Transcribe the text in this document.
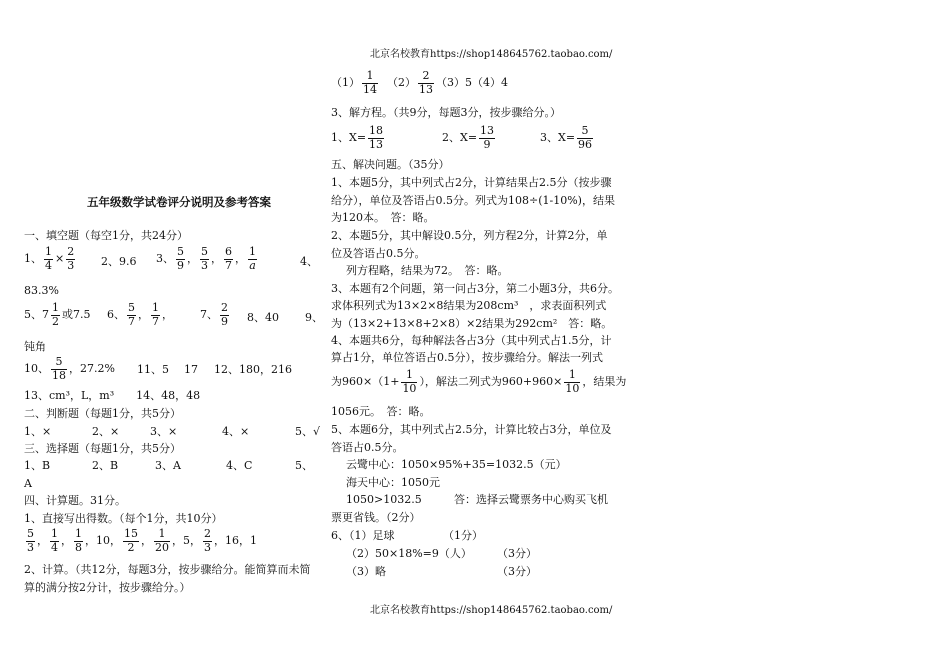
北京名校教育https://shop148645762.taobao.com/
北京名校教育https://shop148645762.taobao.com/
五年级数学试卷评分说明及参考答案
一、填空题（每空1分，共24分）
1、 $\frac{1}{4} \times \frac{2}{3} 2$、9.6 3、 $\frac{5}{9}$ ， $\frac{5}{3}$ ， $\frac{6}{7}$ ， $\frac{1}{a}$	4、
83.3%
5、$7 \frac{1}{2}$ 或7.5 6、 $\frac{5}{7}$ ， $\frac{1}{7}$ ， 7、 $\frac{2}{9} 8$、40 9、
钝角
10、 $\frac{5}{18}$ ，27.2% 11、5 17 12、180，216
13、cm³，L，m³　　14、48，48
二、判断题（每题1分，共5分）
1、×	2、×	3、×	4、×	5、√
三、选择题（每题1分，共5分）
1、B	2、B	3、A	4、C	5、
A
四、计算题。31分。
1、直接写出得数。（每个1分，共10分）
$\frac{5}{3}$ ， $\frac{1}{4}$ ， $\frac{1}{8}$ ，10， $\frac{15}{2}$ ， $\frac{1}{20}$ ，5， $\frac{2}{3}$ ，16，1
2、计算。（共12分，每题3分，按步骤给分。能简算而未简
算的满分按2分计，按步骤给分。）
$(1) \frac{1}{14} (2) \frac{2}{13} (3)5(4)4$
3、解方程。（共9分，每题3分，按步骤给分。）
1、$X= \frac{18}{13}$	2、$X= \frac{13}{9}$	3、$X= \frac{5}{96}$
五、解决问题。（35分）
1、本题5分，其中列式占2分，计算结果占2.5分（按步骤
给分），单位及答语占0.5分。列式为108÷(1-10%)，结果
为120本。　答：略。
2、本题5分，其中解设0.5分，列方程2分，计算2分，单
位及答语占0.5分。
列方程略，结果为72。　答：略。
3、本题有2个问题，第一问占3分，第二小题3分，共6分。
求体积列式为13×2×8结果为208cm³　，求表面积列式
为（13×2+13×8+2×8）×2结果为292cm²　答：略。
4、本题共6分，每种解法各占3分（其中列式占1.5分，计
算占1分，单位答语占0.5分），按步骤给分。解法一列式
为$960\times(1+ \frac{1}{10}$ ），解法二列式为$960+960\times \frac{1}{10}$ ，结果为
1056元。　答：略。
5、本题6分，其中列式占2.5分，计算比较占3分，单位及
答语占0.5分。
云鹭中心：1050×95%+35=1032.5（元）
海天中心：1050元
1050>1032.5	答：选择云鹭票务中心购买飞机
票更省钱。（2分）
6、（1）足球	（1分）
（2）50×18%=9（人） （3分）
（3）略	（3分）
